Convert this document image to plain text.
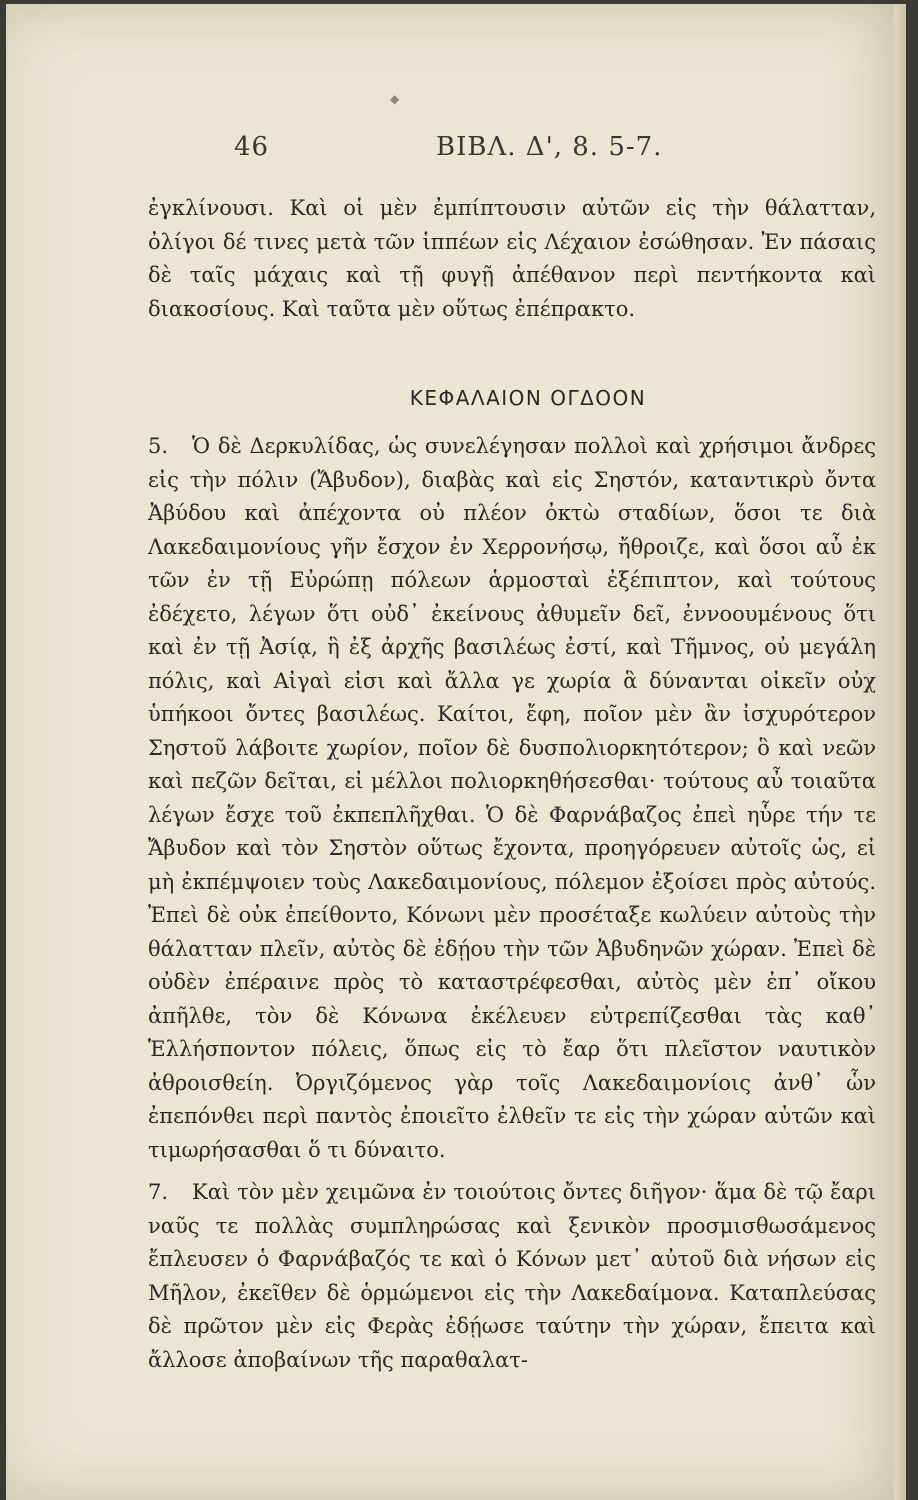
◆
46	ΒΙΒΛ. Δ', 8. 5-7.

ἐγκλίνουσι. Καὶ οἱ μὲν ἐμπίπτουσιν αὐτῶν εἰς τὴν θάλατταν, ὀλίγοι δέ τινες μετὰ τῶν ἱππέων εἰς Λέχαιον ἐσώθησαν. Ἐν πάσαις δὲ ταῖς μάχαις καὶ τῇ φυγῇ ἀπέθανον περὶ πεντήκοντα καὶ διακοσίους. Καὶ ταῦτα μὲν οὕτως ἐπέπρακτο.

ΚΕΦΑΛΑΙΟΝ ΟΓΔΟΟΝ

5. Ὁ δὲ Δερκυλίδας, ὡς συνελέγησαν πολλοὶ καὶ χρήσιμοι ἄνδρες εἰς τὴν πόλιν (Ἄβυδον), διαβὰς καὶ εἰς Σηστόν, καταντικρὺ ὄντα Ἀβύδου καὶ ἀπέχοντα οὐ πλέον ὀκτὼ σταδίων, ὅσοι τε διὰ Λακεδαιμονίους γῆν ἔσχον ἐν Χερρονήσῳ, ἤθροιζε, καὶ ὅσοι αὖ ἐκ τῶν ἐν τῇ Εὐρώπῃ πόλεων ἁρμοσταὶ ἐξέπιπτον, καὶ τούτους ἐδέχετο, λέγων ὅτι οὐδ᾽ ἐκείνους ἀθυμεῖν δεῖ, ἐννοουμένους ὅτι καὶ ἐν τῇ Ἀσίᾳ, ἣ ἐξ ἀρχῆς βασιλέως ἐστί, καὶ Τῆμνος, οὐ μεγάλη πόλις, καὶ Αἰγαὶ εἰσι καὶ ἄλλα γε χωρία ἃ δύνανται οἰκεῖν οὐχ ὑπήκοοι ὄντες βασιλέως. Καίτοι, ἔφη, ποῖον μὲν ἂν ἰσχυρότερον Σηστοῦ λάβοιτε χωρίον, ποῖον δὲ δυσπολιορκητότερον; ὃ καὶ νεῶν καὶ πεζῶν δεῖται, εἰ μέλλοι πολιορκηθήσεσθαι· τούτους αὖ τοιαῦτα λέγων ἔσχε τοῦ ἐκπεπλῆχθαι. Ὁ δὲ Φαρνάβαζος ἐπεὶ ηὗρε τήν τε Ἄβυδον καὶ τὸν Σηστὸν οὕτως ἔχοντα, προηγόρευεν αὐτοῖς ὡς, εἰ μὴ ἐκπέμψοιεν τοὺς Λακεδαιμονίους, πόλεμον ἐξοίσει πρὸς αὐτούς. Ἐπεὶ δὲ οὐκ ἐπείθοντο, Κόνωνι μὲν προσέταξε κωλύειν αὐτοὺς τὴν θάλατταν πλεῖν, αὐτὸς δὲ ἐδῄου τὴν τῶν Ἀβυδηνῶν χώραν. Ἐπεὶ δὲ οὐδὲν ἐπέραινε πρὸς τὸ καταστρέφεσθαι, αὐτὸς μὲν ἐπ᾽ οἴκου ἀπῆλθε, τὸν δὲ Κόνωνα ἐκέλευεν εὐτρεπίζεσθαι τὰς καθ᾽ Ἑλλήσποντον πόλεις, ὅπως εἰς τὸ ἔαρ ὅτι πλεῖστον ναυτικὸν ἀθροισθείη. Ὀργιζόμενος γὰρ τοῖς Λακεδαιμονίοις ἀνθ᾽ ὧν ἐπεπόνθει περὶ παντὸς ἐποιεῖτο ἐλθεῖν τε εἰς τὴν χώραν αὐτῶν καὶ τιμωρήσασθαι ὅ τι δύναιτο.

7. Καὶ τὸν μὲν χειμῶνα ἐν τοιούτοις ὄντες διῆγον· ἅμα δὲ τῷ ἔαρι ναῦς τε πολλὰς συμπληρώσας καὶ ξενικὸν προσμισθωσάμενος ἔπλευσεν ὁ Φαρνάβαζός τε καὶ ὁ Κόνων μετ᾽ αὐτοῦ διὰ νήσων εἰς Μῆλον, ἐκεῖθεν δὲ ὁρμώμενοι εἰς τὴν Λακεδαίμονα. Καταπλεύσας δὲ πρῶτον μὲν εἰς Φερὰς ἐδῄωσε ταύτην τὴν χώραν, ἔπειτα καὶ ἄλλοσε ἀποβαίνων τῆς παραθαλατ-
